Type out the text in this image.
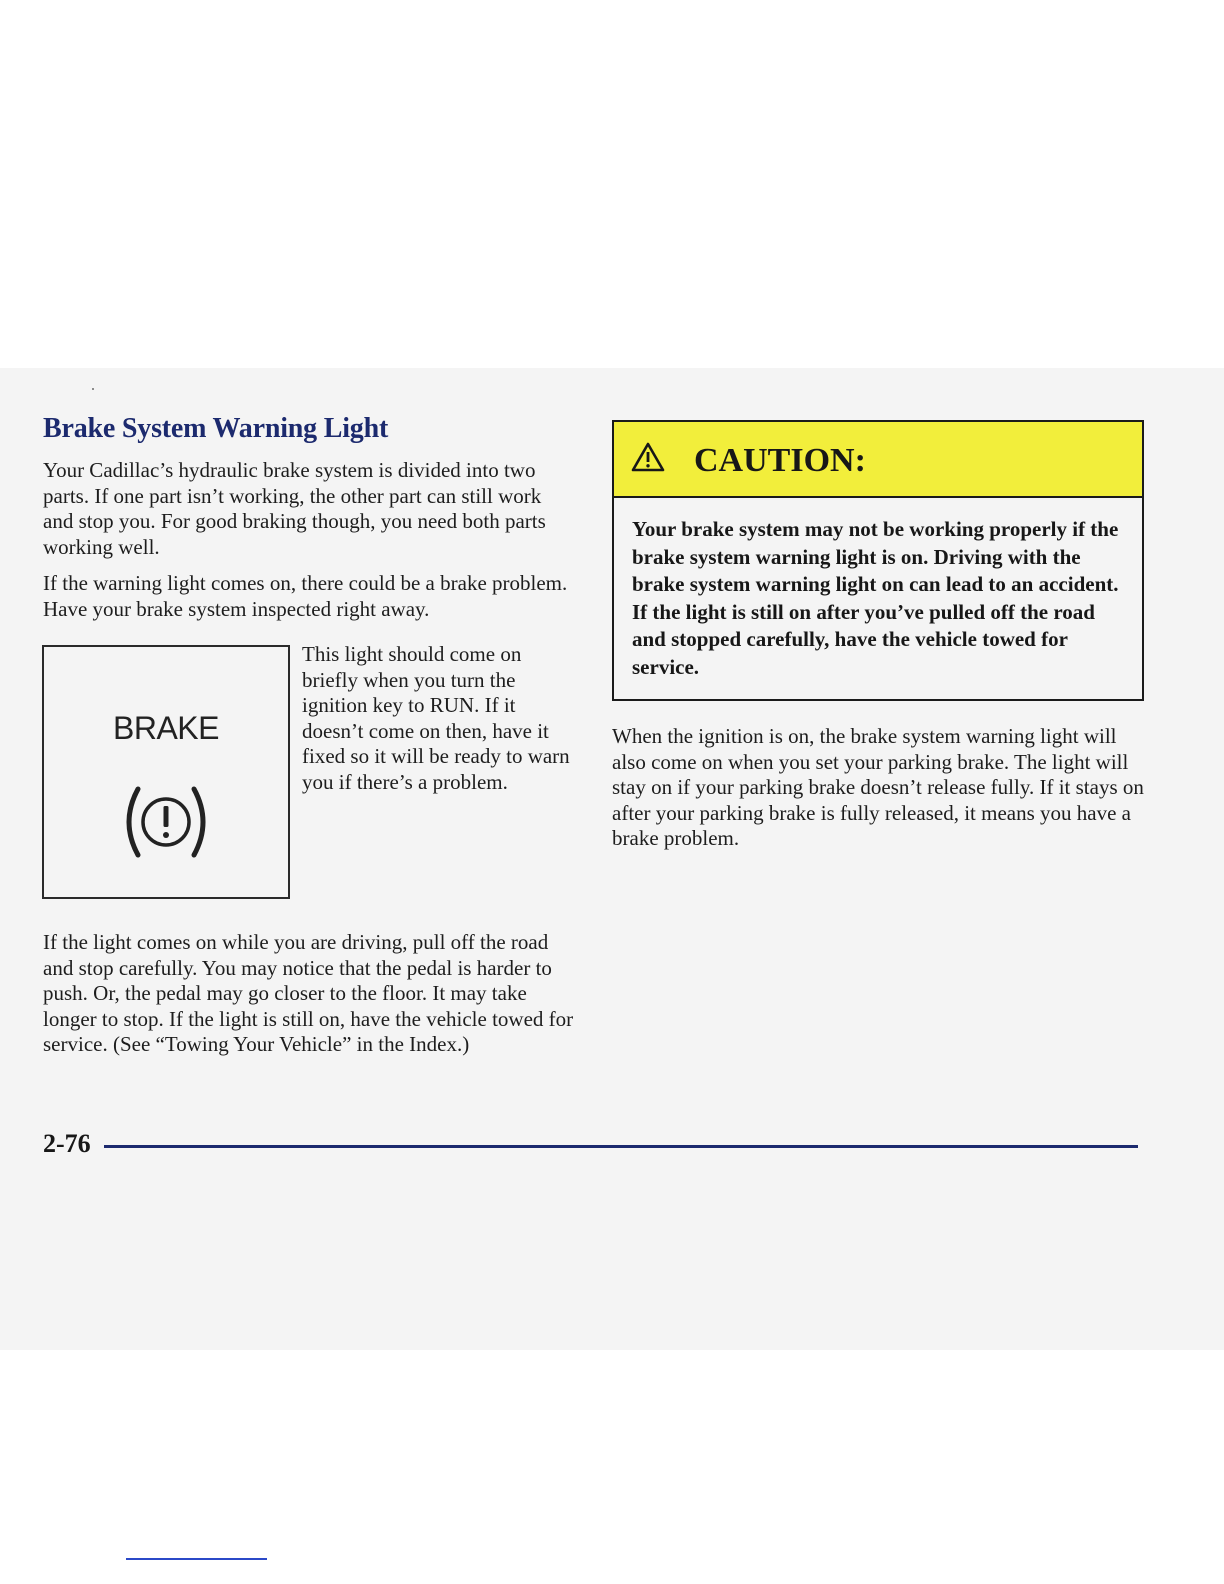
Brake System Warning Light

Your Cadillac’s hydraulic brake system is divided into two parts. If one part isn’t working, the other part can still work and stop you. For good braking though, you need both parts working well.

If the warning light comes on, there could be a brake problem. Have your brake system inspected right away.

BRAKE

This light should come on briefly when you turn the ignition key to RUN. If it doesn’t come on then, have it fixed so it will be ready to warn you if there’s a problem.

If the light comes on while you are driving, pull off the road and stop carefully. You may notice that the pedal is harder to push. Or, the pedal may go closer to the floor. It may take longer to stop. If the light is still on, have the vehicle towed for service. (See “Towing Your Vehicle” in the Index.)

CAUTION:

Your brake system may not be working properly if the brake system warning light is on. Driving with the brake system warning light on can lead to an accident. If the light is still on after you’ve pulled off the road and stopped carefully, have the vehicle towed for service.

When the ignition is on, the brake system warning light will also come on when you set your parking brake. The light will stay on if your parking brake doesn’t release fully. If it stays on after your parking brake is fully released, it means you have a brake problem.

2-76
